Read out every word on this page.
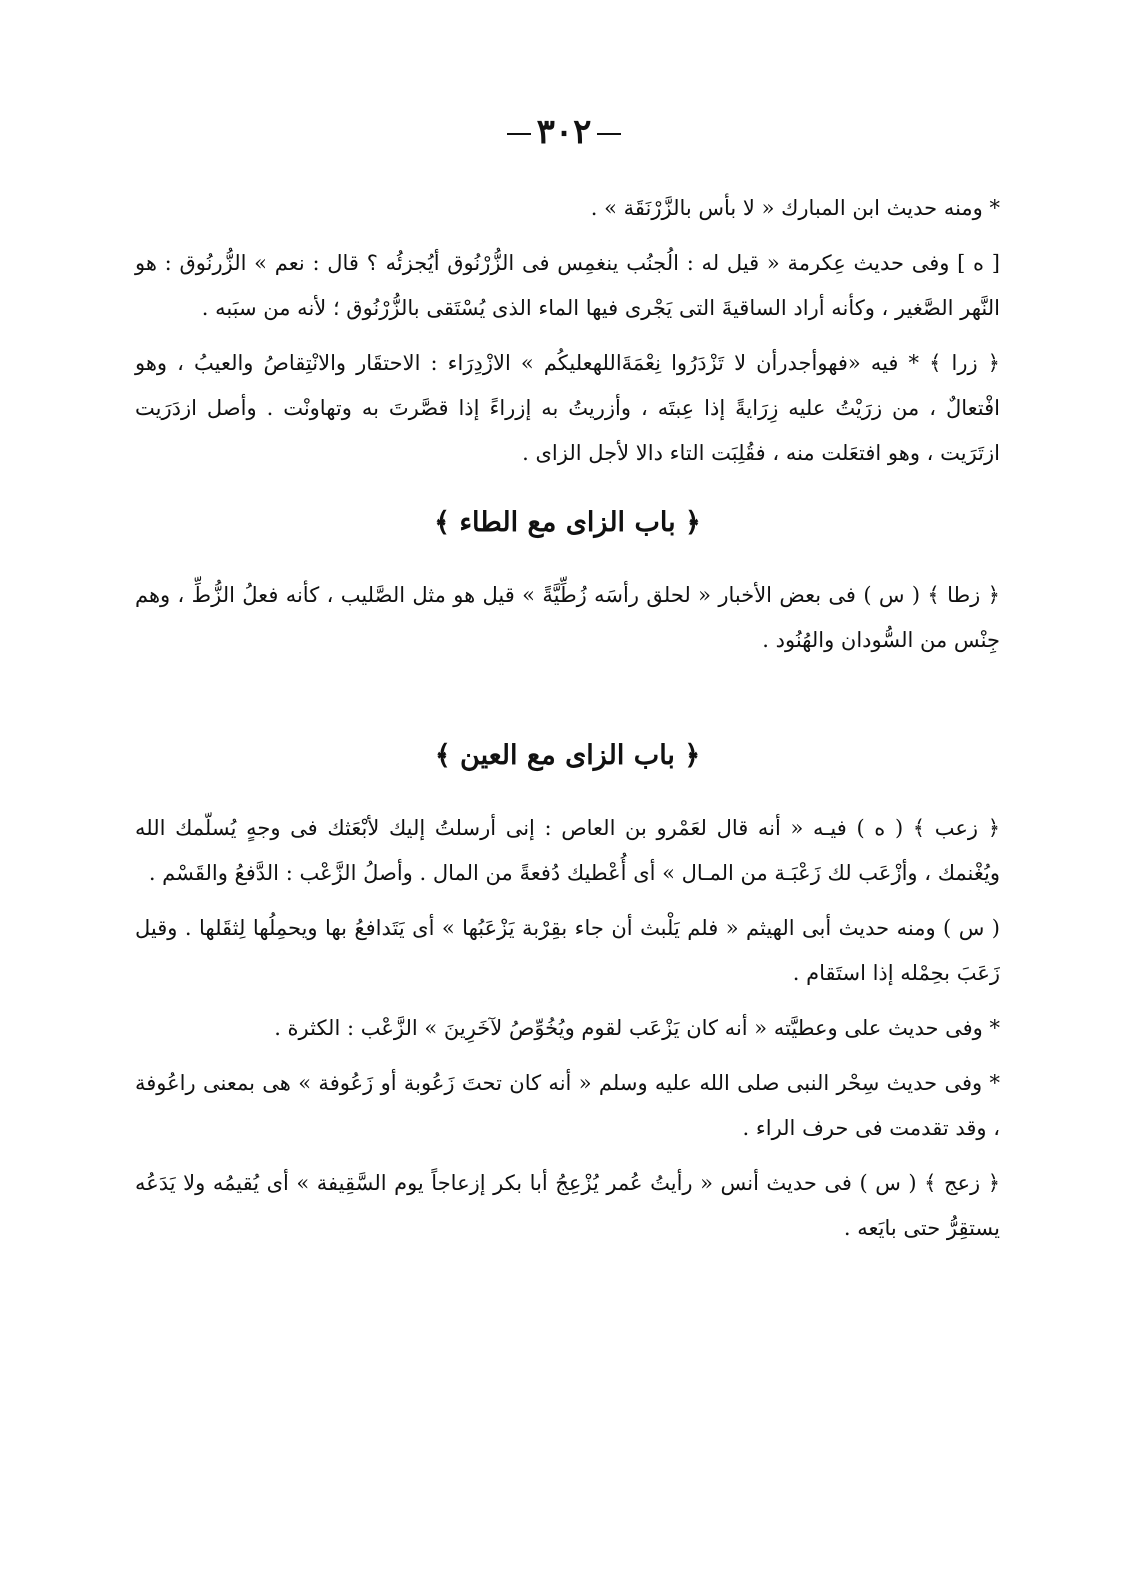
٣٠٢

* ومنه حديث ابن المبارك « لا بأس بالزَّرْنَقَة » .

[ ه ] وفى حديث عِكرمة « قيل له : الُجنُب ينغمِس فى الزُّرْنُوق أيُجزئُه ؟ قال : نعم » الزُّرنُوق : هو النَّهر الصَّغير ، وكأنه أراد الساقيةَ التى يَجْرى فيها الماء الذى يُسْتَقى بالزُّرْنُوق ؛ لأنه من سبَبه .

﴿ زرا ﴾ * فيه «فهوأجدرأن لا تَزْدَرُوا نِعْمَةَاللهعليكُم » الازْدِرَاء : الاحتقَار والانْتِقاصُ والعيبُ ، وهو افْتعالٌ ، من زرَيْتُ عليه زِرَايةً إذا عِبتَه ، وأزريتُ به إزراءً إذا قصَّرتَ به وتهاونْت . وأصل ازدَرَيت ازتَرَيت ، وهو افتعَلت منه ، فقُلِبَت التاء دالا لأجل الزاى .

﴿ باب الزاى مع الطاء ﴾

﴿ زطا ﴾ ( س ) فى بعض الأخبار « لحلق رأسَه زُطِّيَّةً » قيل هو مثل الصَّليب ، كأنه فعلُ الزُّطِّ ، وهم جِنْس من السُّودان والهُنُود .

﴿ باب الزاى مع العين ﴾

﴿ زعب ﴾ ( ه ) فيـه « أنه قال لعَمْرو بن العاص : إنى أرسلتُ إليك لأبْعَثك فى وجهٍ يُسلّمك الله ويُغْنمك ، وأزْعَب لك زَعْبَـة من المـال » أى أُعْطيك دُفعةً من المال . وأصلُ الزَّعْب : الدَّفعُ والقَسْم .

( س ) ومنه حديث أبى الهيثم « فلم يَلْبث أن جاء بقِرْبة يَزْعَبُها » أى يَتَدافعُ بها ويحمِلُها لِثقَلها . وقيل زَعَبَ بحِمْله إذا استَقام .

* وفى حديث على وعطيَّته « أنه كان يَزْعَب لقوم ويُخُوِّصُ لآخَرِينَ » الزَّعْب : الكثرة .

* وفى حديث سِحْر النبى صلى الله عليه وسلم « أنه كان تحتَ زَعُوبة أو زَعُوفة » هى بمعنى راعُوفة ، وقد تقدمت فى حرف الراء .

﴿ زعج ﴾ ( س ) فى حديث أنس « رأيتُ عُمر يُزْعِجُ أبا بكر إزعاجاً يوم السَّقِيفة » أى يُقيمُه ولا يَدَعُه يستقِرُّ حتى بايَعه .
